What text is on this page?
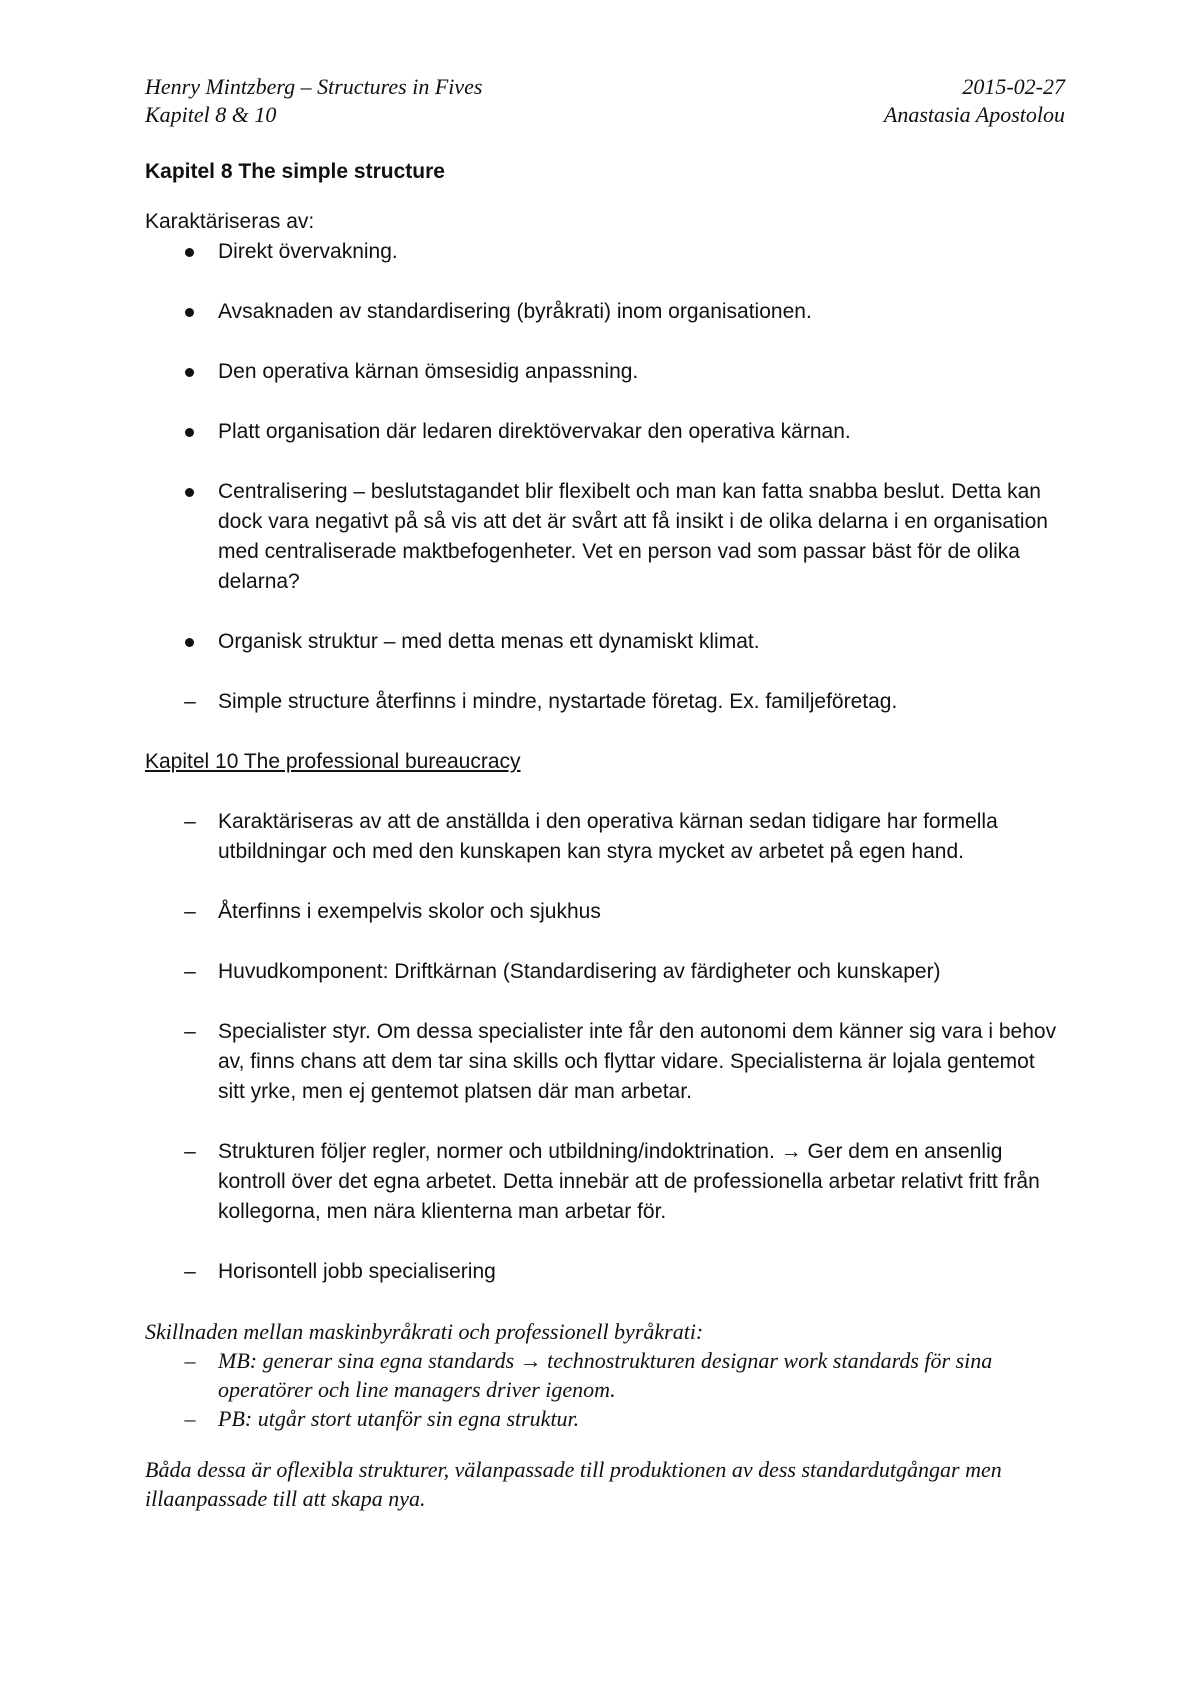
Henry Mintzberg – Structures in Fives
Kapitel 8 & 10
2015-02-27
Anastasia Apostolou
Kapitel 8 The simple structure

Karaktäriseras av:

Direkt övervakning.
Avsaknaden av standardisering (byråkrati) inom organisationen.
Den operativa kärnan ömsesidig anpassning.
Platt organisation där ledaren direktövervakar den operativa kärnan.
Centralisering – beslutstagandet blir flexibelt och man kan fatta snabba beslut. Detta kan dock vara negativt på så vis att det är svårt att få insikt i de olika delarna i en organisation med centraliserade maktbefogenheter. Vet en person vad som passar bäst för de olika delarna?
Organisk struktur – med detta menas ett dynamiskt klimat.
– Simple structure återfinns i mindre, nystartade företag. Ex. familjeföretag.
Kapitel 10 The professional bureaucracy
– Karaktäriseras av att de anställda i den operativa kärnan sedan tidigare har formella utbildningar och med den kunskapen kan styra mycket av arbetet på egen hand.
– Återfinns i exempelvis skolor och sjukhus
– Huvudkomponent: Driftkärnan (Standardisering av färdigheter och kunskaper)
– Specialister styr. Om dessa specialister inte får den autonomi dem känner sig vara i behov av, finns chans att dem tar sina skills och flyttar vidare. Specialisterna är lojala gentemot sitt yrke, men ej gentemot platsen där man arbetar.
– Strukturen följer regler, normer och utbildning/indoktrination. → Ger dem en ansenlig kontroll över det egna arbetet. Detta innebär att de professionella arbetar relativt fritt från kollegorna, men nära klienterna man arbetar för.
– Horisontell jobb specialisering
Skillnaden mellan maskinbyråkrati och professionell byråkrati:
– MB: generar sina egna standards → technostrukturen designar work standards för sina operatörer och line managers driver igenom.
– PB: utgår stort utanför sin egna struktur.

Båda dessa är oflexibla strukturer, välanpassade till produktionen av dess standardutgångar men illaanpassade till att skapa nya.
